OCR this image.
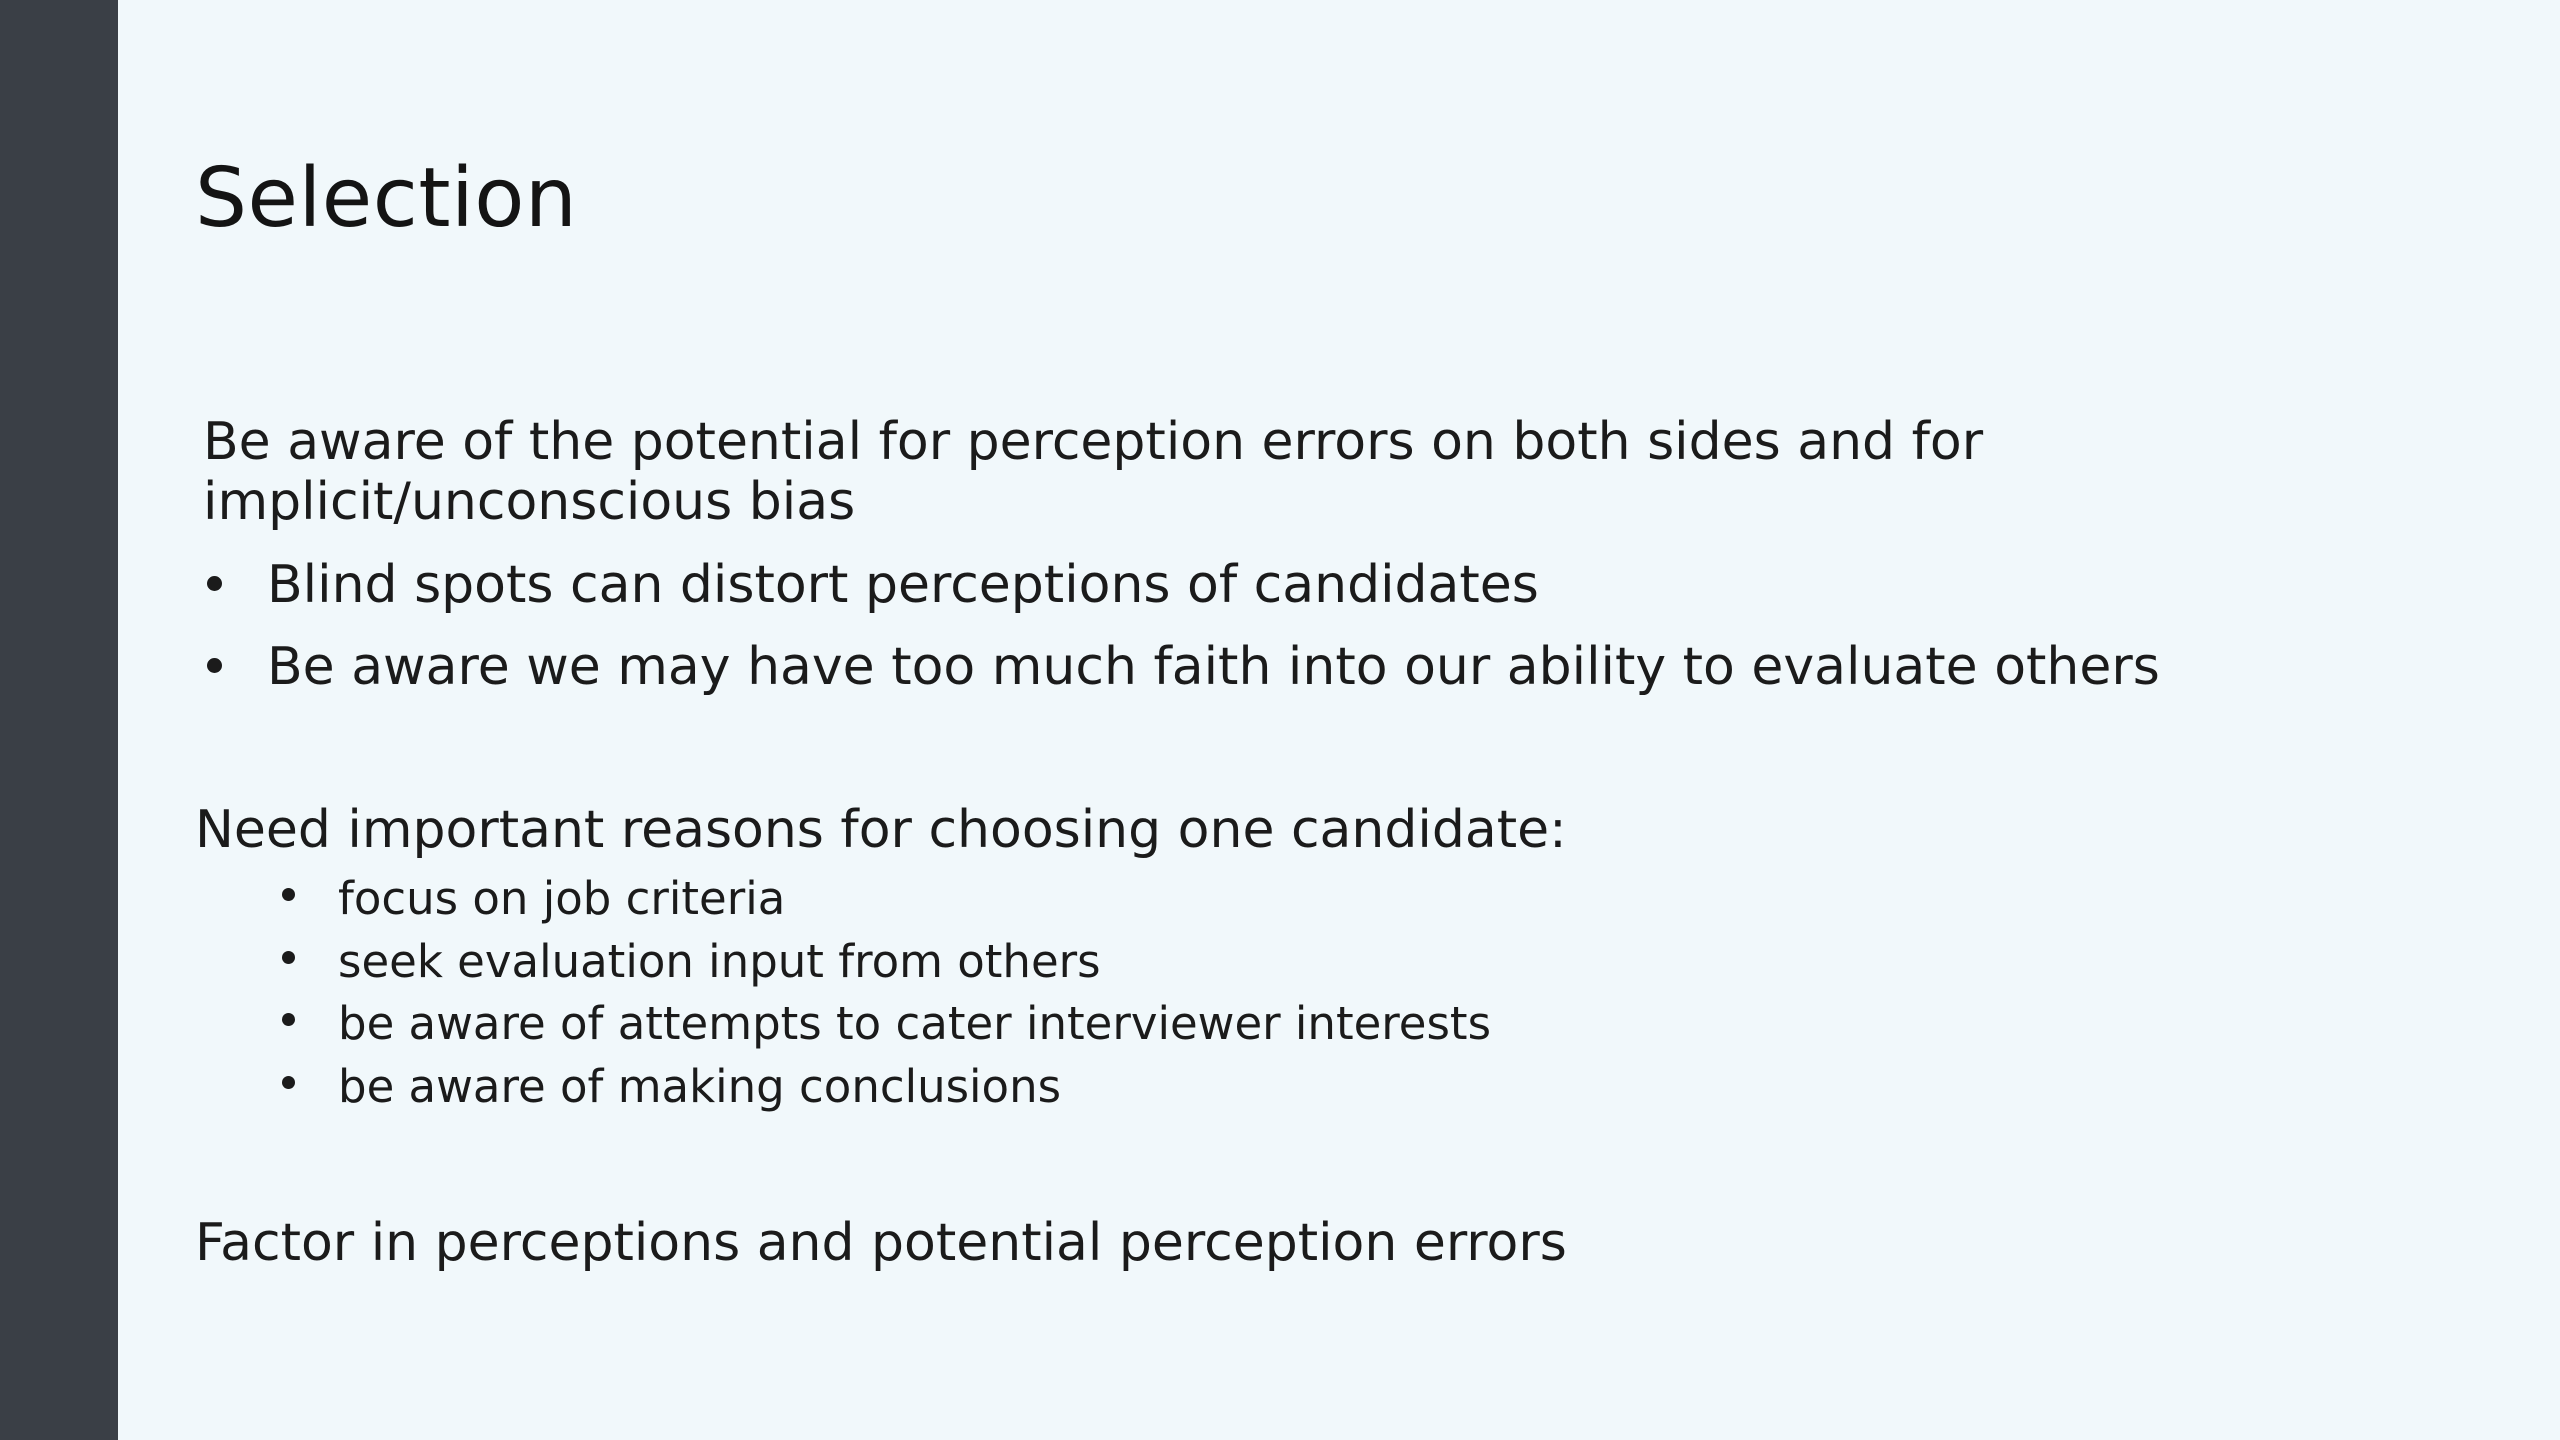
Selection

Be aware of the potential for perception errors on both sides and for
implicit/unconscious bias

Blind spots can distort perceptions of candidates
Be aware we may have too much faith into our ability to evaluate others

Need important reasons for choosing one candidate:

focus on job criteria
seek evaluation input from others
be aware of attempts to cater interviewer interests
be aware of making conclusions

Factor in perceptions and potential perception errors
